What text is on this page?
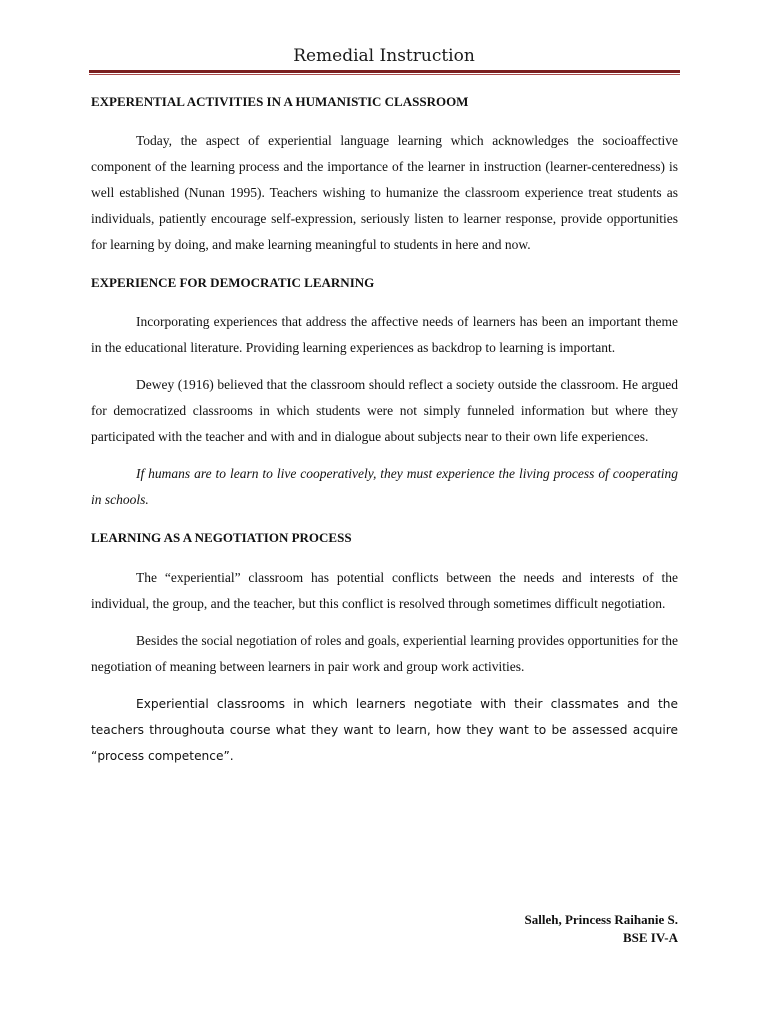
Remedial Instruction

EXPERENTIAL ACTIVITIES IN A HUMANISTIC CLASSROOM

Today, the aspect of experiential language learning which acknowledges the socioaffective component of the learning process and the importance of the learner in instruction (learner-centeredness) is well established (Nunan 1995). Teachers wishing to humanize the classroom experience treat students as individuals, patiently encourage self-expression, seriously listen to learner response, provide opportunities for learning by doing, and make learning meaningful to students in here and now.

EXPERIENCE FOR DEMOCRATIC LEARNING

Incorporating experiences that address the affective needs of learners has been an important theme in the educational literature. Providing learning experiences as backdrop to learning is important.

Dewey (1916) believed that the classroom should reflect a society outside the classroom. He argued for democratized classrooms in which students were not simply funneled information but where they participated with the teacher and with and in dialogue about subjects near to their own life experiences.

If humans are to learn to live cooperatively, they must experience the living process of cooperating in schools.

LEARNING AS A NEGOTIATION PROCESS

The “experiential” classroom has potential conflicts between the needs and interests of the individual, the group, and the teacher, but this conflict is resolved through sometimes difficult negotiation.

Besides the social negotiation of roles and goals, experiential learning provides opportunities for the negotiation of meaning between learners in pair work and group work activities.

Experiential classrooms in which learners negotiate with their classmates and the teachers throughouta course what they want to learn, how they want to be assessed acquire “process competence”.

Salleh, Princess Raihanie S.
BSE IV-A
